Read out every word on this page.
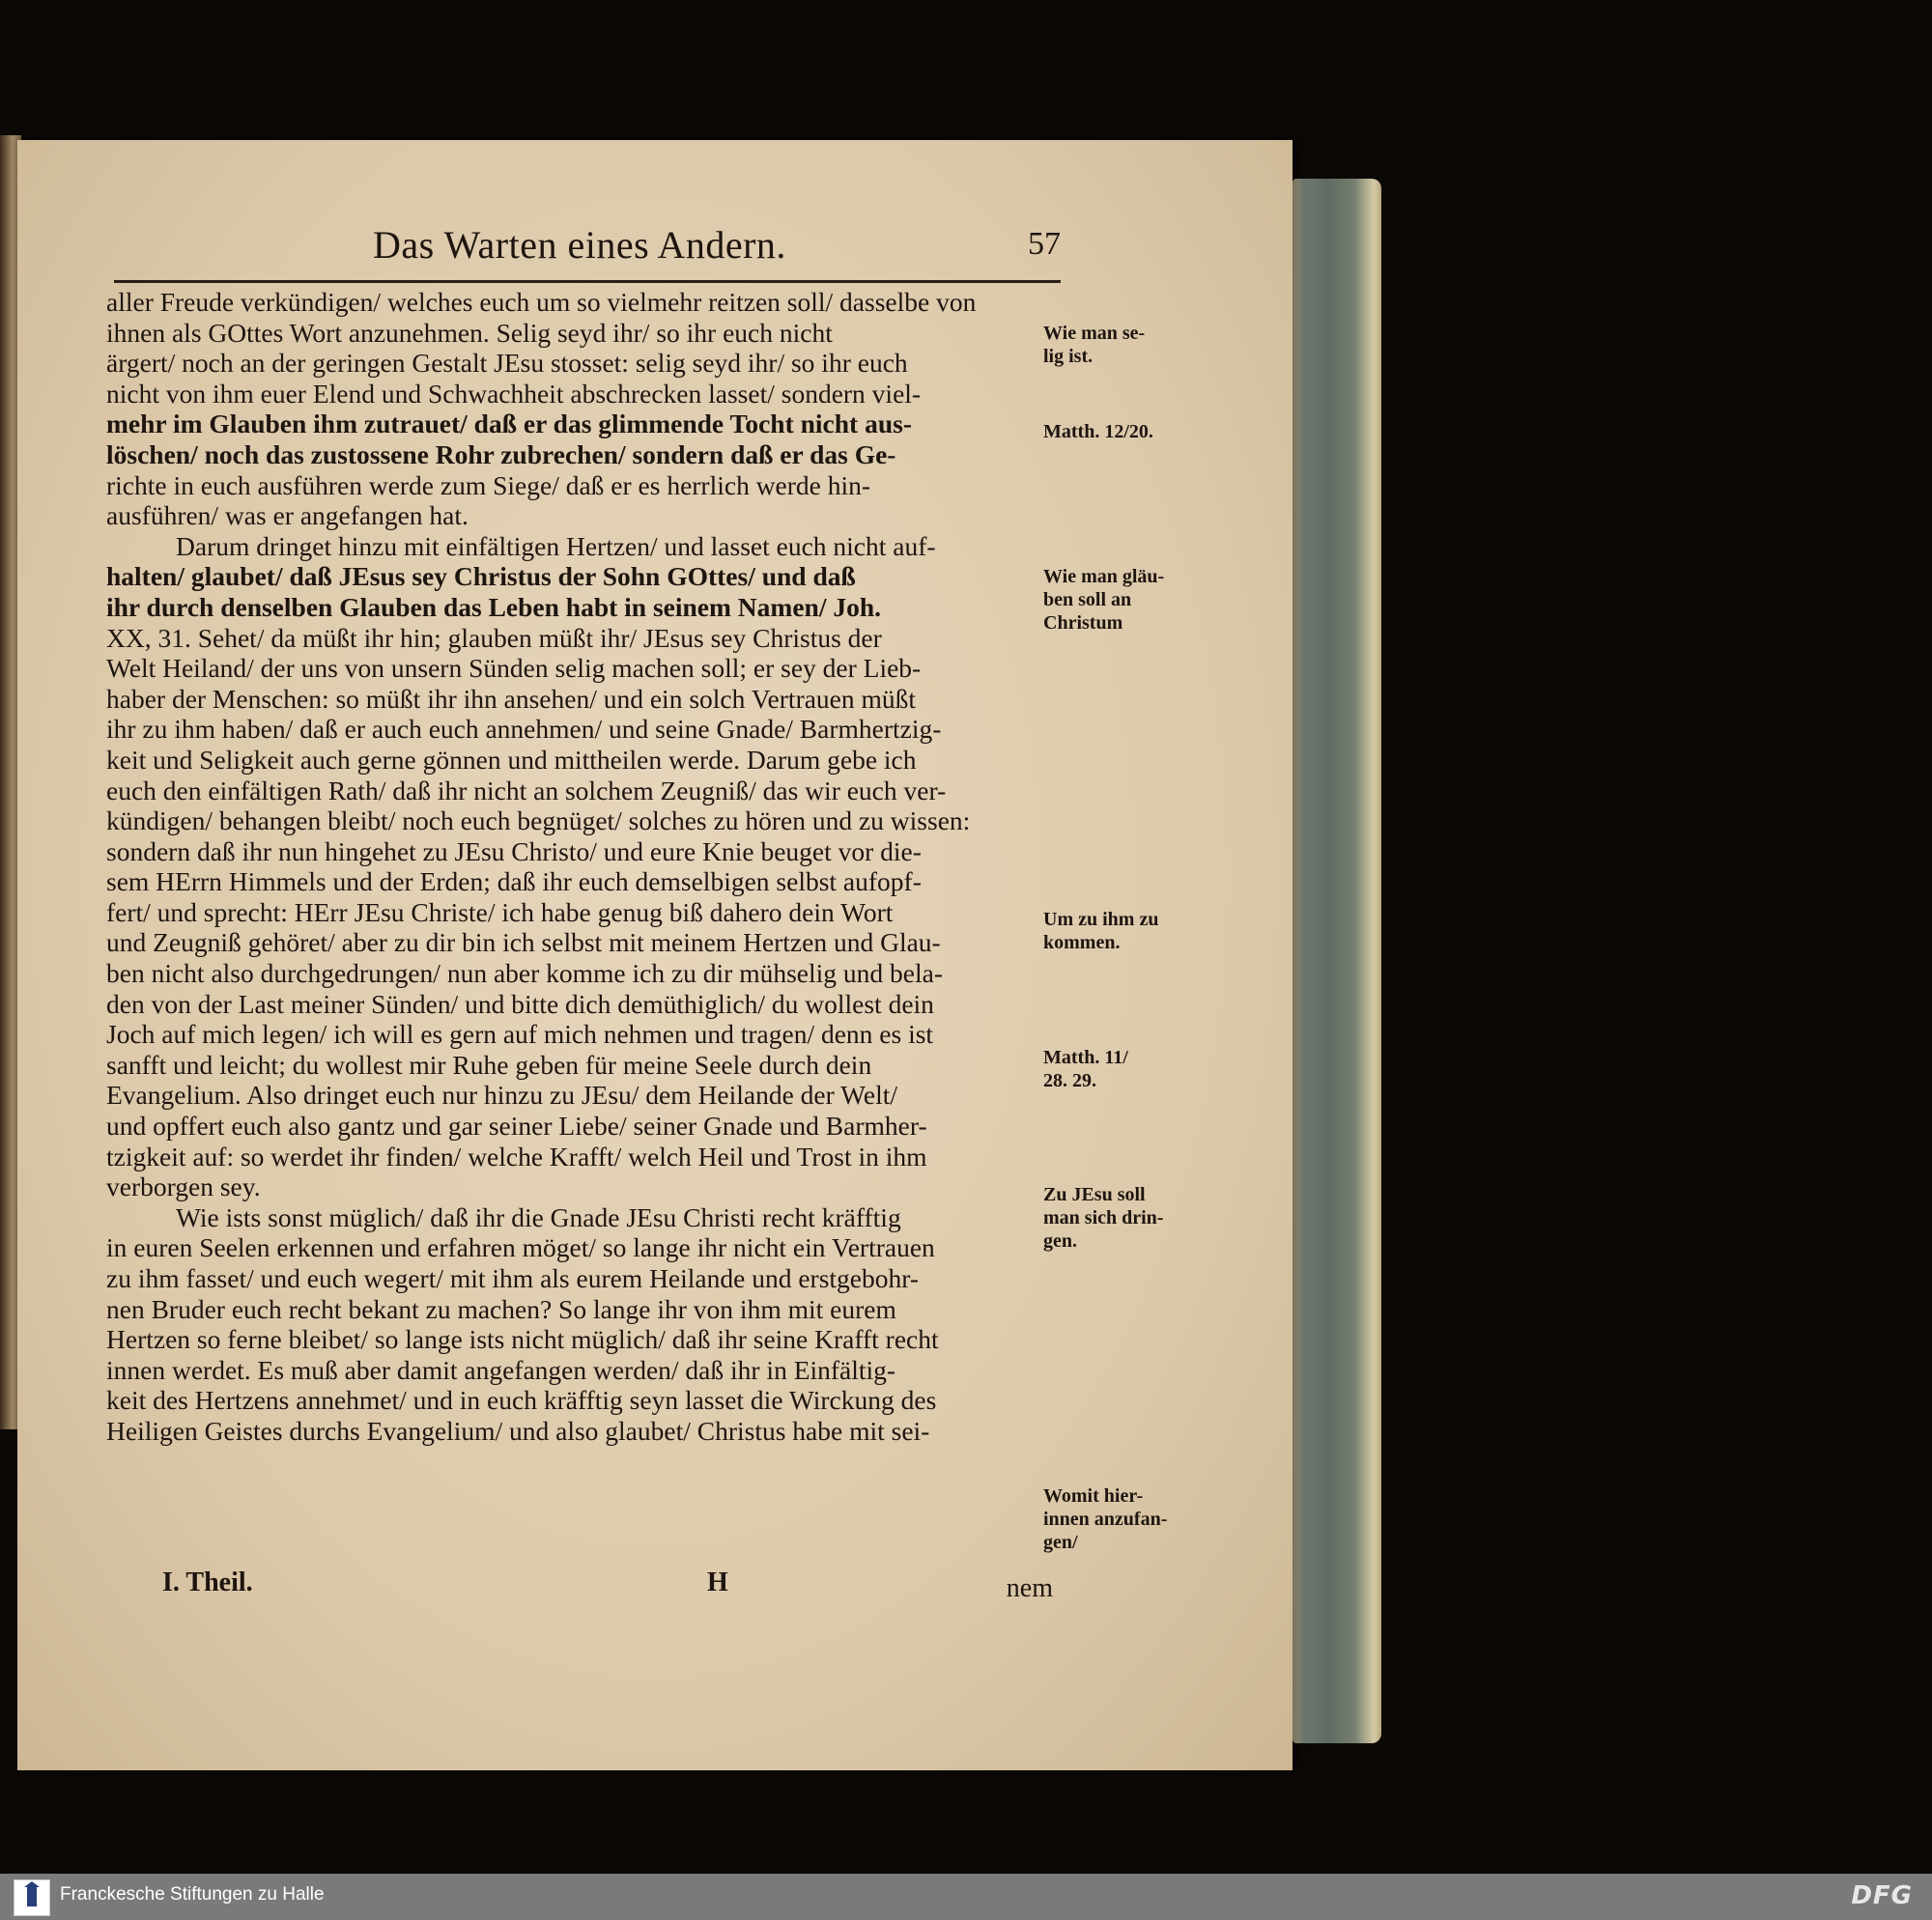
Das Warten eines Andern.	57
aller Freude verkündigen/ welches euch um so vielmehr reitzen soll/ dasselbe von
ihnen als GOttes Wort anzunehmen. Selig seyd ihr/ so ihr euch nicht
ärgert/ noch an der geringen Gestalt JEsu stosset: selig seyd ihr/ so ihr euch
nicht von ihm euer Elend und Schwachheit abschrecken lasset/ sondern viel-
mehr im Glauben ihm zutrauet/ daß er das glimmende Tocht nicht aus-
löschen/ noch das zustossene Rohr zubrechen/ sondern daß er das Ge-
richte in euch ausführen werde zum Siege/ daß er es herrlich werde hin-
ausführen/ was er angefangen hat.
Darum dringet hinzu mit einfältigen Hertzen/ und lasset euch nicht auf-
halten/ glaubet/ daß JEsus sey Christus der Sohn GOttes/ und daß
ihr durch denselben Glauben das Leben habt in seinem Namen/ Joh.
XX, 31. Sehet/ da müßt ihr hin; glauben müßt ihr/ JEsus sey Christus der
Welt Heiland/ der uns von unsern Sünden selig machen soll; er sey der Lieb-
haber der Menschen: so müßt ihr ihn ansehen/ und ein solch Vertrauen müßt
ihr zu ihm haben/ daß er auch euch annehmen/ und seine Gnade/ Barmhertzig-
keit und Seligkeit auch gerne gönnen und mittheilen werde. Darum gebe ich
euch den einfältigen Rath/ daß ihr nicht an solchem Zeugniß/ das wir euch ver-
kündigen/ behangen bleibt/ noch euch begnüget/ solches zu hören und zu wissen:
sondern daß ihr nun hingehet zu JEsu Christo/ und eure Knie beuget vor die-
sem HErrn Himmels und der Erden; daß ihr euch demselbigen selbst aufopf-
fert/ und sprecht: HErr JEsu Christe/ ich habe genug biß dahero dein Wort
und Zeugniß gehöret/ aber zu dir bin ich selbst mit meinem Hertzen und Glau-
ben nicht also durchgedrungen/ nun aber komme ich zu dir mühselig und bela-
den von der Last meiner Sünden/ und bitte dich demüthiglich/ du wollest dein
Joch auf mich legen/ ich will es gern auf mich nehmen und tragen/ denn es ist
sanfft und leicht; du wollest mir Ruhe geben für meine Seele durch dein
Evangelium. Also dringet euch nur hinzu zu JEsu/ dem Heilande der Welt/
und opffert euch also gantz und gar seiner Liebe/ seiner Gnade und Barmher-
tzigkeit auf: so werdet ihr finden/ welche Krafft/ welch Heil und Trost in ihm
verborgen sey.
Wie ists sonst müglich/ daß ihr die Gnade JEsu Christi recht kräfftig
in euren Seelen erkennen und erfahren möget/ so lange ihr nicht ein Vertrauen
zu ihm fasset/ und euch wegert/ mit ihm als eurem Heilande und erstgebohr-
nen Bruder euch recht bekant zu machen? So lange ihr von ihm mit eurem
Hertzen so ferne bleibet/ so lange ists nicht müglich/ daß ihr seine Krafft recht
innen werdet. Es muß aber damit angefangen werden/ daß ihr in Einfältig-
keit des Hertzens annehmet/ und in euch kräfftig seyn lasset die Wirckung des
Heiligen Geistes durchs Evangelium/ und also glaubet/ Christus habe mit sei-
Wie man se-
lig ist.
Matth. 12/20.
Wie man gläu-
ben soll an
Christum
Um zu ihm zu
kommen.
Matth. 11/
28. 29.
Zu JEsu soll
man sich drin-
gen.
Womit hier-
innen anzufan-
gen/
I. Theil.	H	nem
Franckesche Stiftungen zu Halle	DFG
